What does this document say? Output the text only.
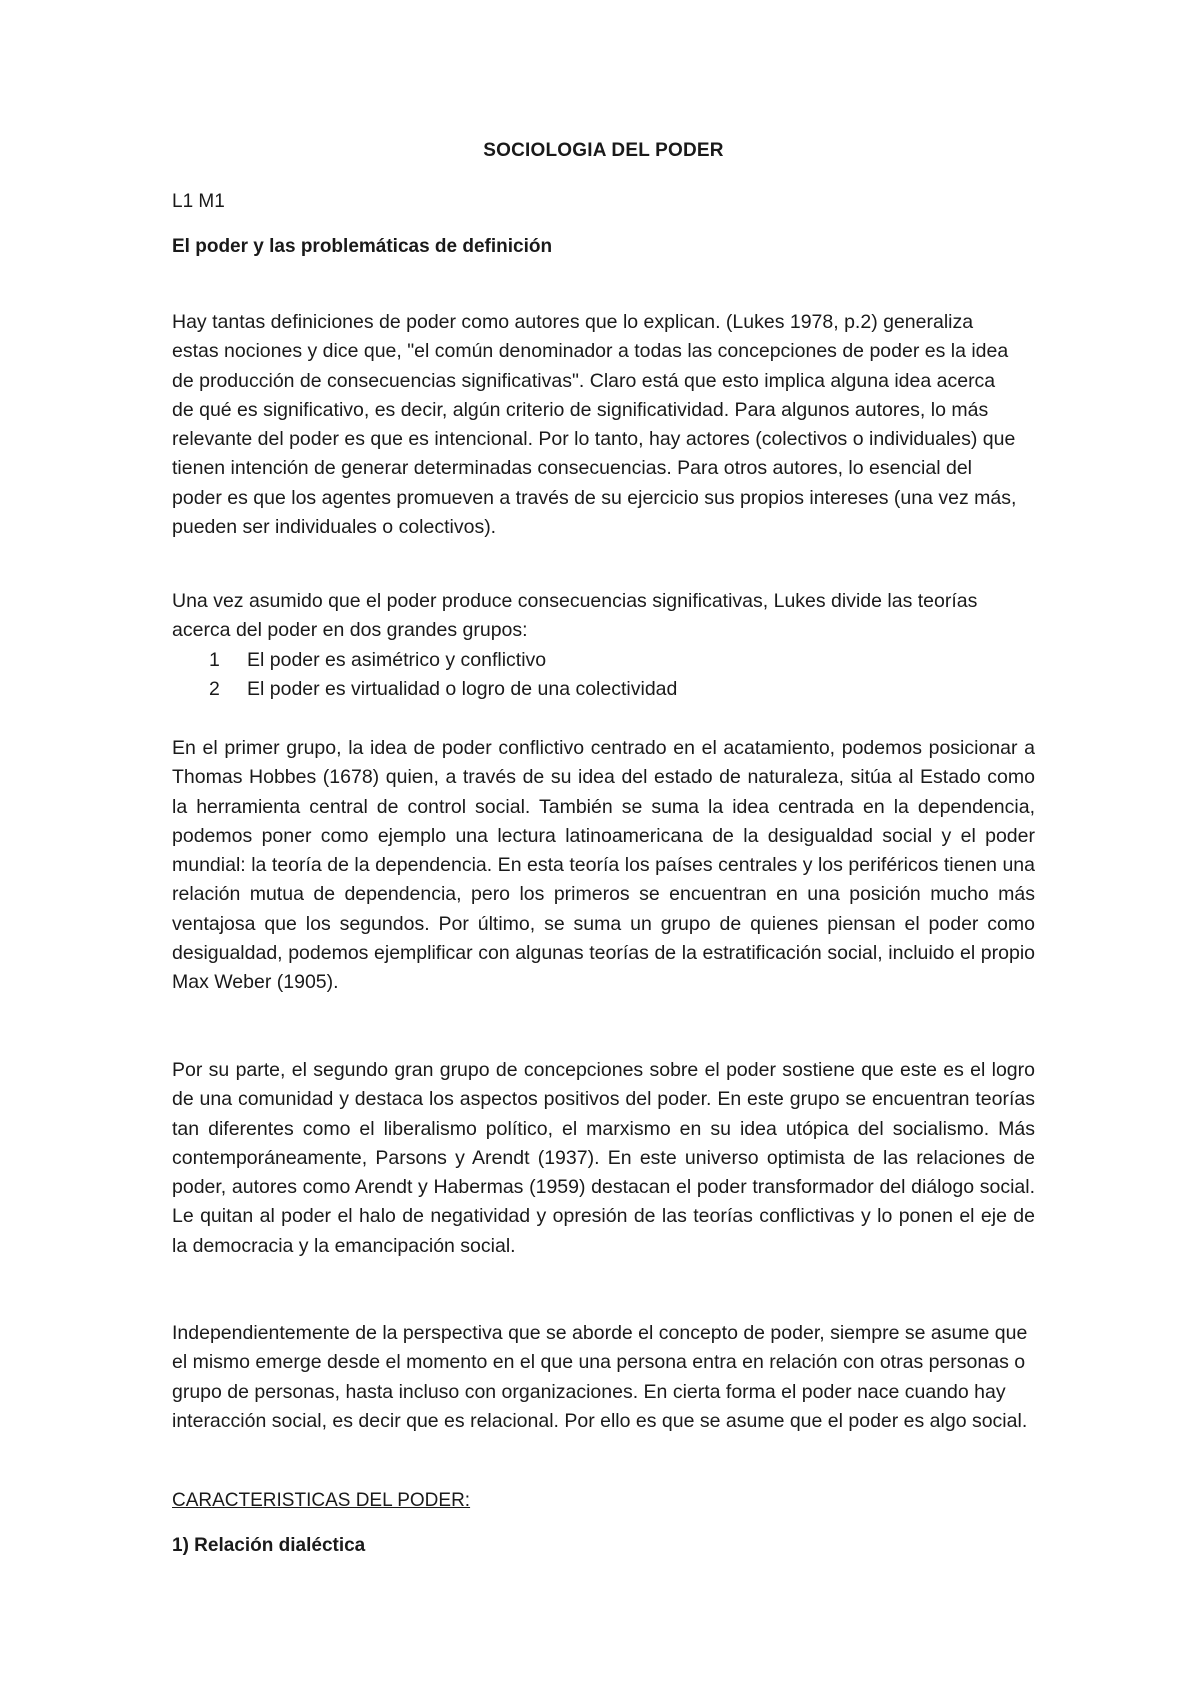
SOCIOLOGIA DEL PODER
L1 M1
El poder y las problemáticas de definición

Hay tantas definiciones de poder como autores que lo explican. (Lukes 1978, p.2) generaliza estas nociones y dice que, "el común denominador a todas las concepciones de poder es la idea de producción de consecuencias significativas". Claro está que esto implica alguna idea acerca de qué es significativo, es decir, algún criterio de significatividad. Para algunos autores, lo más relevante del poder es que es intencional. Por lo tanto, hay actores (colectivos o individuales) que tienen intención de generar determinadas consecuencias. Para otros autores, lo esencial del poder es que los agentes promueven a través de su ejercicio sus propios intereses (una vez más, pueden ser individuales o colectivos).

Una vez asumido que el poder produce consecuencias significativas, Lukes divide las teorías acerca del poder en dos grandes grupos:

1	El poder es asimétrico y conflictivo
2	El poder es virtualidad o logro de una colectividad

En el primer grupo, la idea de poder conflictivo centrado en el acatamiento, podemos posicionar a Thomas Hobbes (1678) quien, a través de su idea del estado de naturaleza, sitúa al Estado como la herramienta central de control social. También se suma la idea centrada en la dependencia, podemos poner como ejemplo una lectura latinoamericana de la desigualdad social y el poder mundial: la teoría de la dependencia. En esta teoría los países centrales y los periféricos tienen una relación mutua de dependencia, pero los primeros se encuentran en una posición mucho más ventajosa que los segundos. Por último, se suma un grupo de quienes piensan el poder como desigualdad, podemos ejemplificar con algunas teorías de la estratificación social, incluido el propio Max Weber (1905).

Por su parte, el segundo gran grupo de concepciones sobre el poder sostiene que este es el logro de una comunidad y destaca los aspectos positivos del poder. En este grupo se encuentran teorías tan diferentes como el liberalismo político, el marxismo en su idea utópica del socialismo. Más contemporáneamente, Parsons y Arendt (1937). En este universo optimista de las relaciones de poder, autores como Arendt y Habermas (1959) destacan el poder transformador del diálogo social. Le quitan al poder el halo de negatividad y opresión de las teorías conflictivas y lo ponen el eje de la democracia y la emancipación social.

Independientemente de la perspectiva que se aborde el concepto de poder, siempre se asume que el mismo emerge desde el momento en el que una persona entra en relación con otras personas o grupo de personas, hasta incluso con organizaciones. En cierta forma el poder nace cuando hay interacción social, es decir que es relacional. Por ello es que se asume que el poder es algo social.

CARACTERISTICAS DEL PODER:
1) Relación dialéctica
